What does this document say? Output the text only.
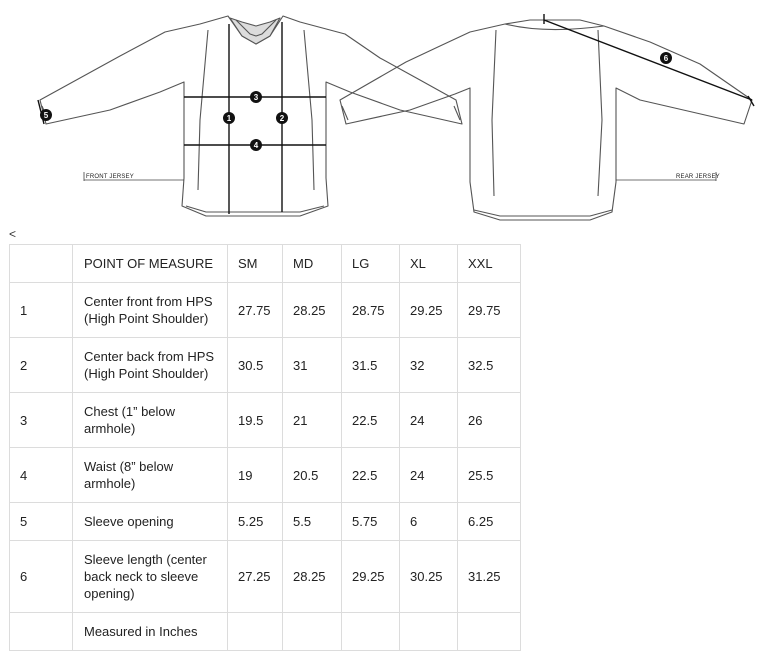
FRONT JERSEY	REAR JERSEY
1	2
3
4
5
6
<
	POINT OF MEASURE	SM	MD	LG	XL	XXL
1	Center front from HPS (High Point Shoulder)	27.75	28.25	28.75	29.25	29.75
2	Center back from HPS (High Point Shoulder)	30.5	31	31.5	32	32.5
3	Chest (1” below armhole)	19.5	21	22.5	24	26
4	Waist (8” below armhole)	19	20.5	22.5	24	25.5
5	Sleeve opening	5.25	5.5	5.75	6	6.25
6	Sleeve length (center back neck to sleeve opening)	27.25	28.25	29.25	30.25	31.25
	Measured in Inches					
